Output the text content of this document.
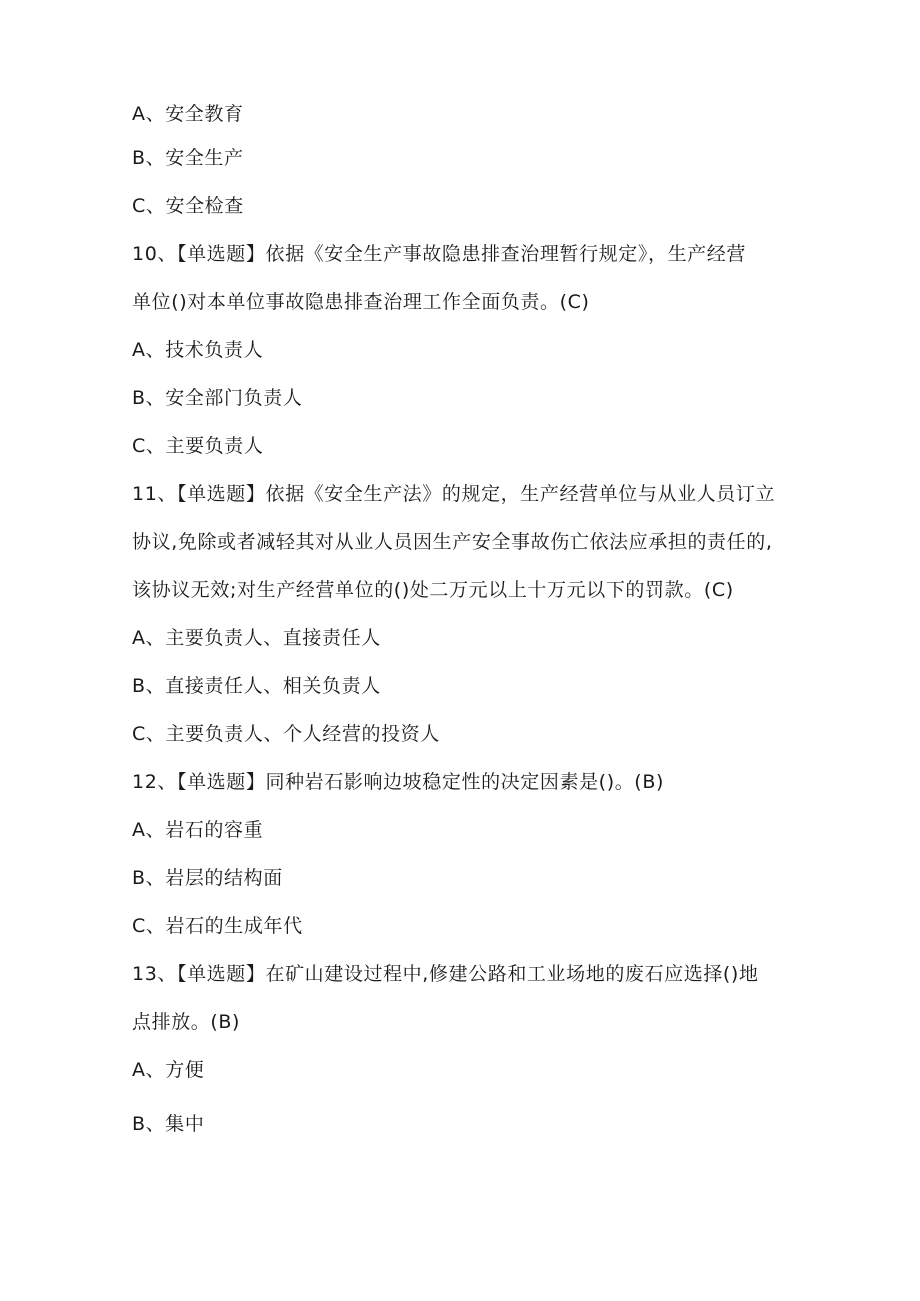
A、安全教育
B、安全生产
C、安全检查
10、【单选题】依据《安全生产事故隐患排查治理暂行规定》，生产经营
单位()对本单位事故隐患排查治理工作全面负责。(C)
A、技术负责人
B、安全部门负责人
C、主要负责人
11、【单选题】依据《安全生产法》的规定，生产经营单位与从业人员订立
协议,免除或者减轻其对从业人员因生产安全事故伤亡依法应承担的责任的,
该协议无效;对生产经营单位的()处二万元以上十万元以下的罚款。(C)
A、主要负责人、直接责任人
B、直接责任人、相关负责人
C、主要负责人、个人经营的投资人
12、【单选题】同种岩石影响边坡稳定性的决定因素是()。(B)
A、岩石的容重
B、岩层的结构面
C、岩石的生成年代
13、【单选题】在矿山建设过程中,修建公路和工业场地的废石应选择()地
点排放。(B)
A、方便
B、集中
